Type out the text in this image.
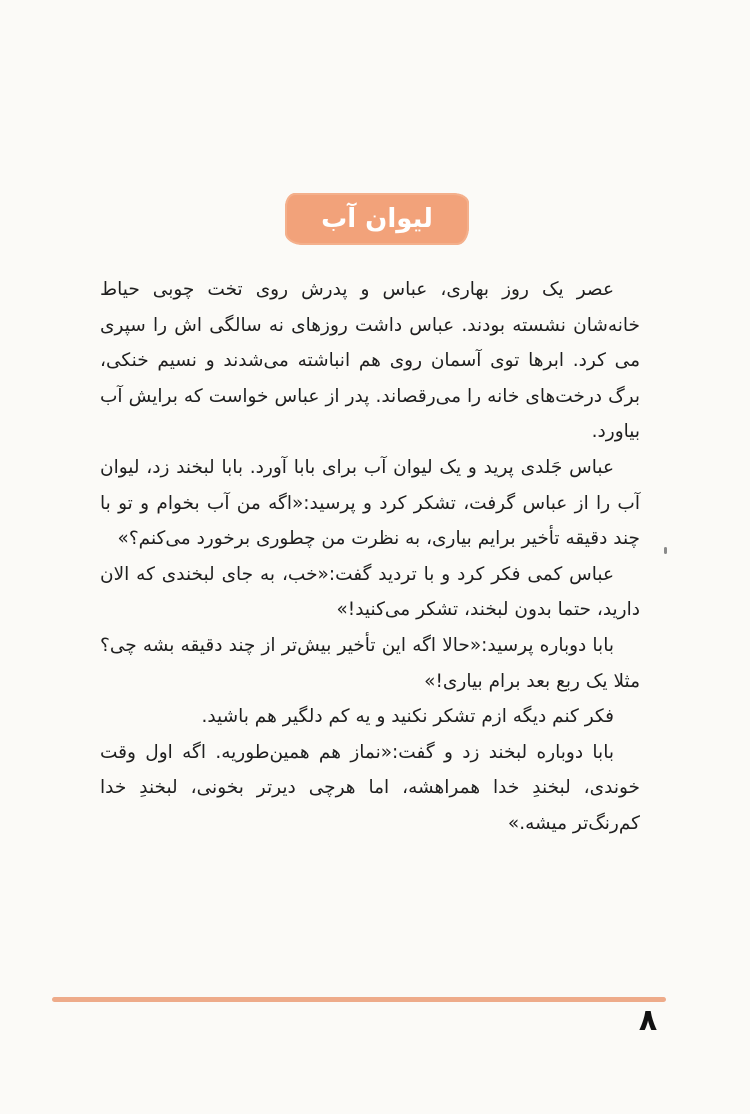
لیوان آب

عصر یک روز بهاری، عباس و پدرش روی تخت چوبی حیاط خانه‌شان نشسته بودند. عباس داشت روزهای نه سالگی اش را سپری می کرد. ابرها توی آسمان روی هم انباشته می‌شدند و نسیم خنکی، برگ درخت‌های خانه را می‌رقصاند. پدر از عباس خواست که برایش آب بیاورد.

عباس جَلدی پرید و یک لیوان آب برای بابا آورد. بابا لبخند زد، لیوان آب را از عباس گرفت، تشکر کرد و پرسید:«اگه من آب بخوام و تو با چند دقیقه تأخیر برایم بیاری، به نظرت من چطوری برخورد می‌کنم؟»

عباس کمی فکر کرد و با تردید گفت:«خب، به جای لبخندی که الان دارید، حتما بدون لبخند، تشکر می‌کنید!»

بابا دوباره پرسید:«حالا اگه این تأخیر بیش‌تر از چند دقیقه بشه چی؟ مثلا یک ربع بعد برام بیاری!»

فکر کنم دیگه ازم تشکر نکنید و یه کم دلگیر هم باشید.

بابا دوباره لبخند زد و گفت:«نماز هم همین‌طوریه. اگه اول وقت خوندی، لبخندِ خدا همراهشه، اما هرچی دیرتر بخونی، لبخندِ خدا کم‌رنگ‌تر میشه.»

۸
